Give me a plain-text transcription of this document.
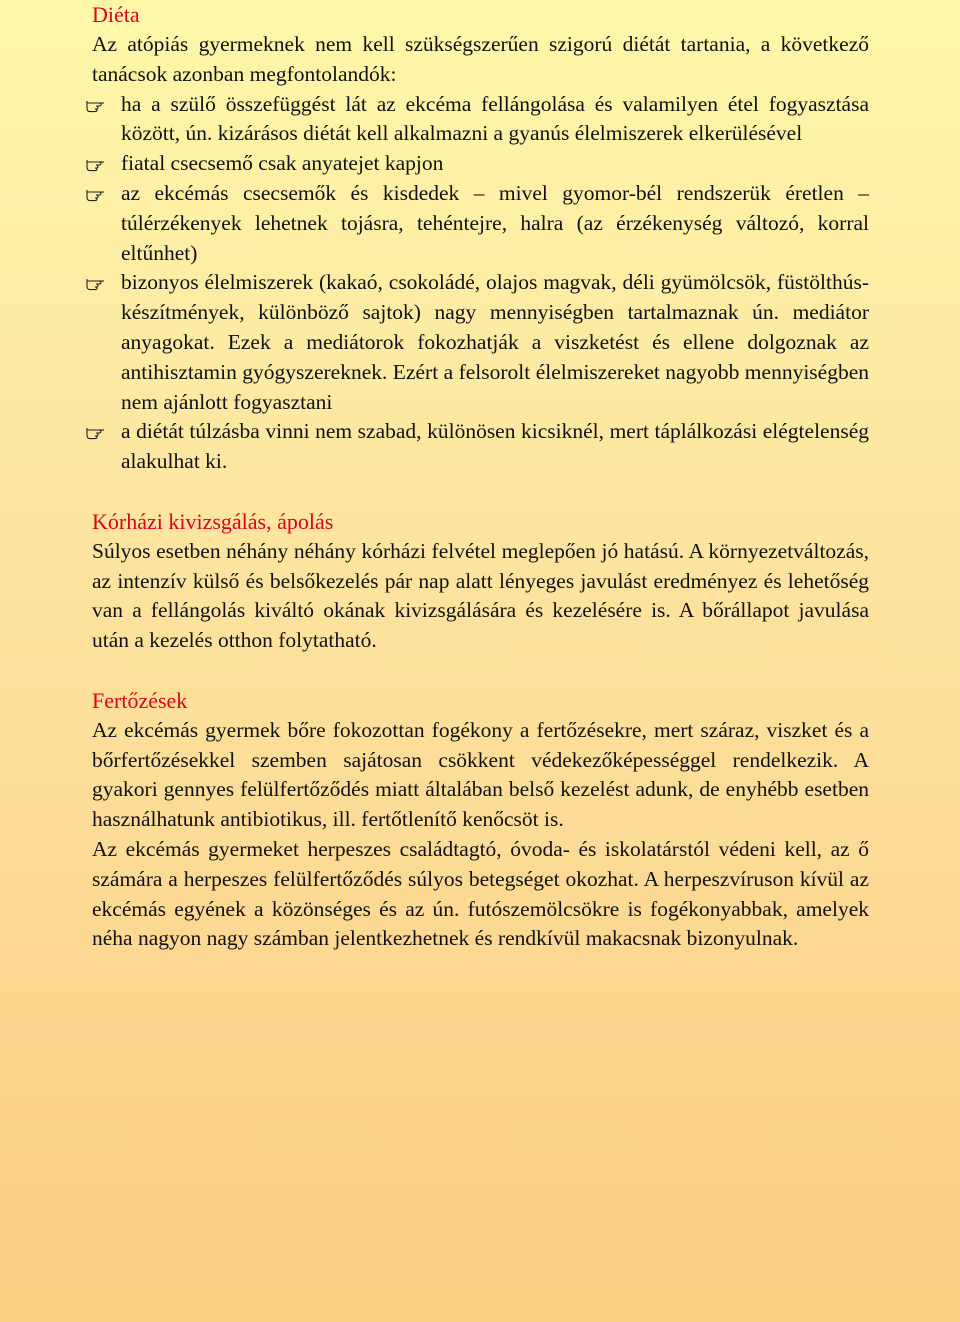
Diéta

Az atópiás gyermeknek nem kell szükségszerűen szigorú diétát tartania, a következő tanácsok azonban megfontolandók:

ha a szülő összefüggést lát az ekcéma fellángolása és valamilyen étel fogyasztása között, ún. kizárásos diétát kell alkalmazni a gyanús élelmiszerek elkerülésével
fiatal csecsemő csak anyatejet kapjon
az ekcémás csecsemők és kisdedek – mivel gyomor-bél rendszerük éretlen – túlérzékenyek lehetnek tojásra, tehéntejre, halra (az érzékenység változó, korral eltűnhet)
bizonyos élelmiszerek (kakaó, csokoládé, olajos magvak, déli gyümölcsök, füstölthús-készítmények, különböző sajtok) nagy mennyiségben tartalmaznak ún. mediátor anyagokat. Ezek a mediátorok fokozhatják a viszketést és ellene dolgoznak az antihisztamin gyógyszereknek. Ezért a felsorolt élelmiszereket nagyobb mennyiségben nem ajánlott fogyasztani
a diétát túlzásba vinni nem szabad, különösen kicsiknél, mert táplálkozási elégtelenség alakulhat ki.
Kórházi kivizsgálás, ápolás

Súlyos esetben néhány néhány kórházi felvétel meglepően jó hatású. A környezetváltozás, az intenzív külső és belsőkezelés pár nap alatt lényeges javulást eredményez és lehetőség van a fellángolás kiváltó okának kivizsgálására és kezelésére is. A bőrállapot javulása után a kezelés otthon folytatható.

Fertőzések

Az ekcémás gyermek bőre fokozottan fogékony a fertőzésekre, mert száraz, viszket és a bőrfertőzésekkel szemben sajátosan csökkent védekezőképességgel rendelkezik. A gyakori gennyes felülfertőződés miatt általában belső kezelést adunk, de enyhébb esetben használhatunk antibiotikus, ill. fertőtlenítő kenőcsöt is.

Az ekcémás gyermeket herpeszes családtagtó, óvoda- és iskolatárstól védeni kell, az ő számára a herpeszes felülfertőződés súlyos betegséget okozhat. A herpeszvíruson kívül az ekcémás egyének a közönséges és az ún. futószemölcsökre is fogékonyabbak, amelyek néha nagyon nagy számban jelentkezhetnek és rendkívül makacsnak bizonyulnak.
